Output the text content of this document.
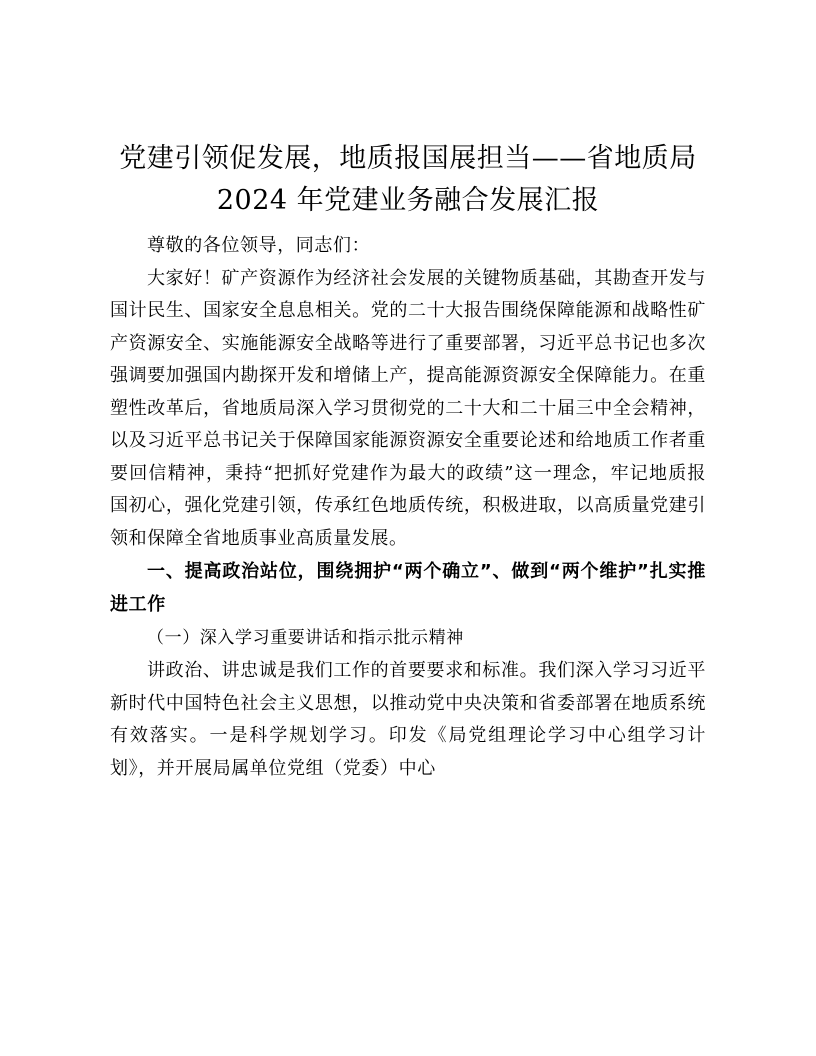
党建引领促发展，地质报国展担当——省地质局 2024 年党建业务融合发展汇报

尊敬的各位领导，同志们：

大家好！矿产资源作为经济社会发展的关键物质基础，其勘查开发与国计民生、国家安全息息相关。党的二十大报告围绕保障能源和战略性矿产资源安全、实施能源安全战略等进行了重要部署，习近平总书记也多次强调要加强国内勘探开发和增储上产，提高能源资源安全保障能力。在重塑性改革后，省地质局深入学习贯彻党的二十大和二十届三中全会精神，以及习近平总书记关于保障国家能源资源安全重要论述和给地质工作者重要回信精神，秉持“把抓好党建作为最大的政绩”这一理念，牢记地质报国初心，强化党建引领，传承红色地质传统，积极进取，以高质量党建引领和保障全省地质事业高质量发展。

一、提高政治站位，围绕拥护“两个确立”、做到“两个维护”扎实推进工作

（一）深入学习重要讲话和指示批示精神

讲政治、讲忠诚是我们工作的首要要求和标准。我们深入学习习近平新时代中国特色社会主义思想，以推动党中央决策和省委部署在地质系统有效落实。一是科学规划学习。印发《局党组理论学习中心组学习计划》，并开展局属单位党组（党委）中心
